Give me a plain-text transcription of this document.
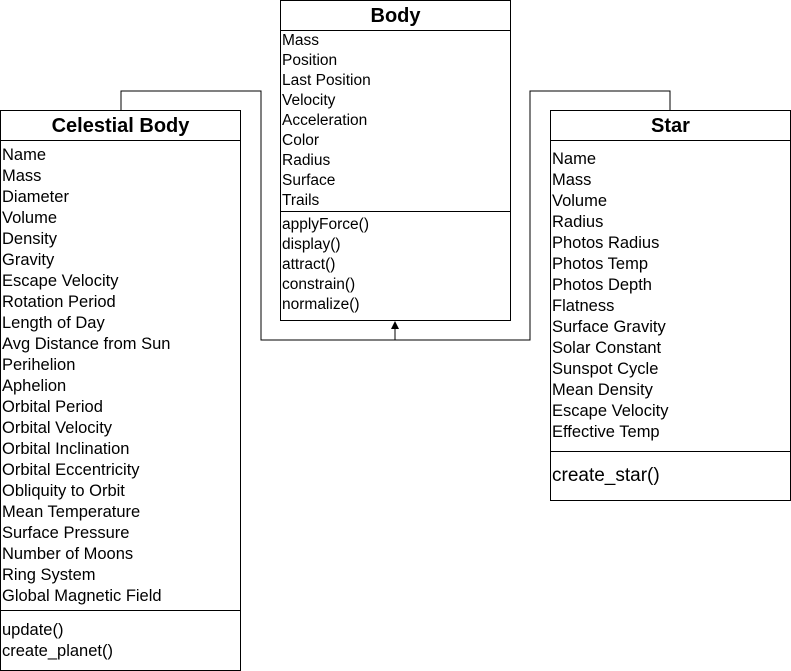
Body
Mass
Position
Last Position
Velocity
Acceleration
Color
Radius
Surface
Trails
applyForce()
display()
attract()
constrain()
normalize()
Celestial Body
Name
Mass
Diameter
Volume
Density
Gravity
Escape Velocity
Rotation Period
Length of Day
Avg Distance from Sun
Perihelion
Aphelion
Orbital Period
Orbital Velocity
Orbital Inclination
Orbital Eccentricity
Obliquity to Orbit
Mean Temperature
Surface Pressure
Number of Moons
Ring System
Global Magnetic Field
update()
create_planet()
Star
Name
Mass
Volume
Radius
Photos Radius
Photos Temp
Photos Depth
Flatness
Surface Gravity
Solar Constant
Sunspot Cycle
Mean Density
Escape Velocity
Effective Temp
create_star()
